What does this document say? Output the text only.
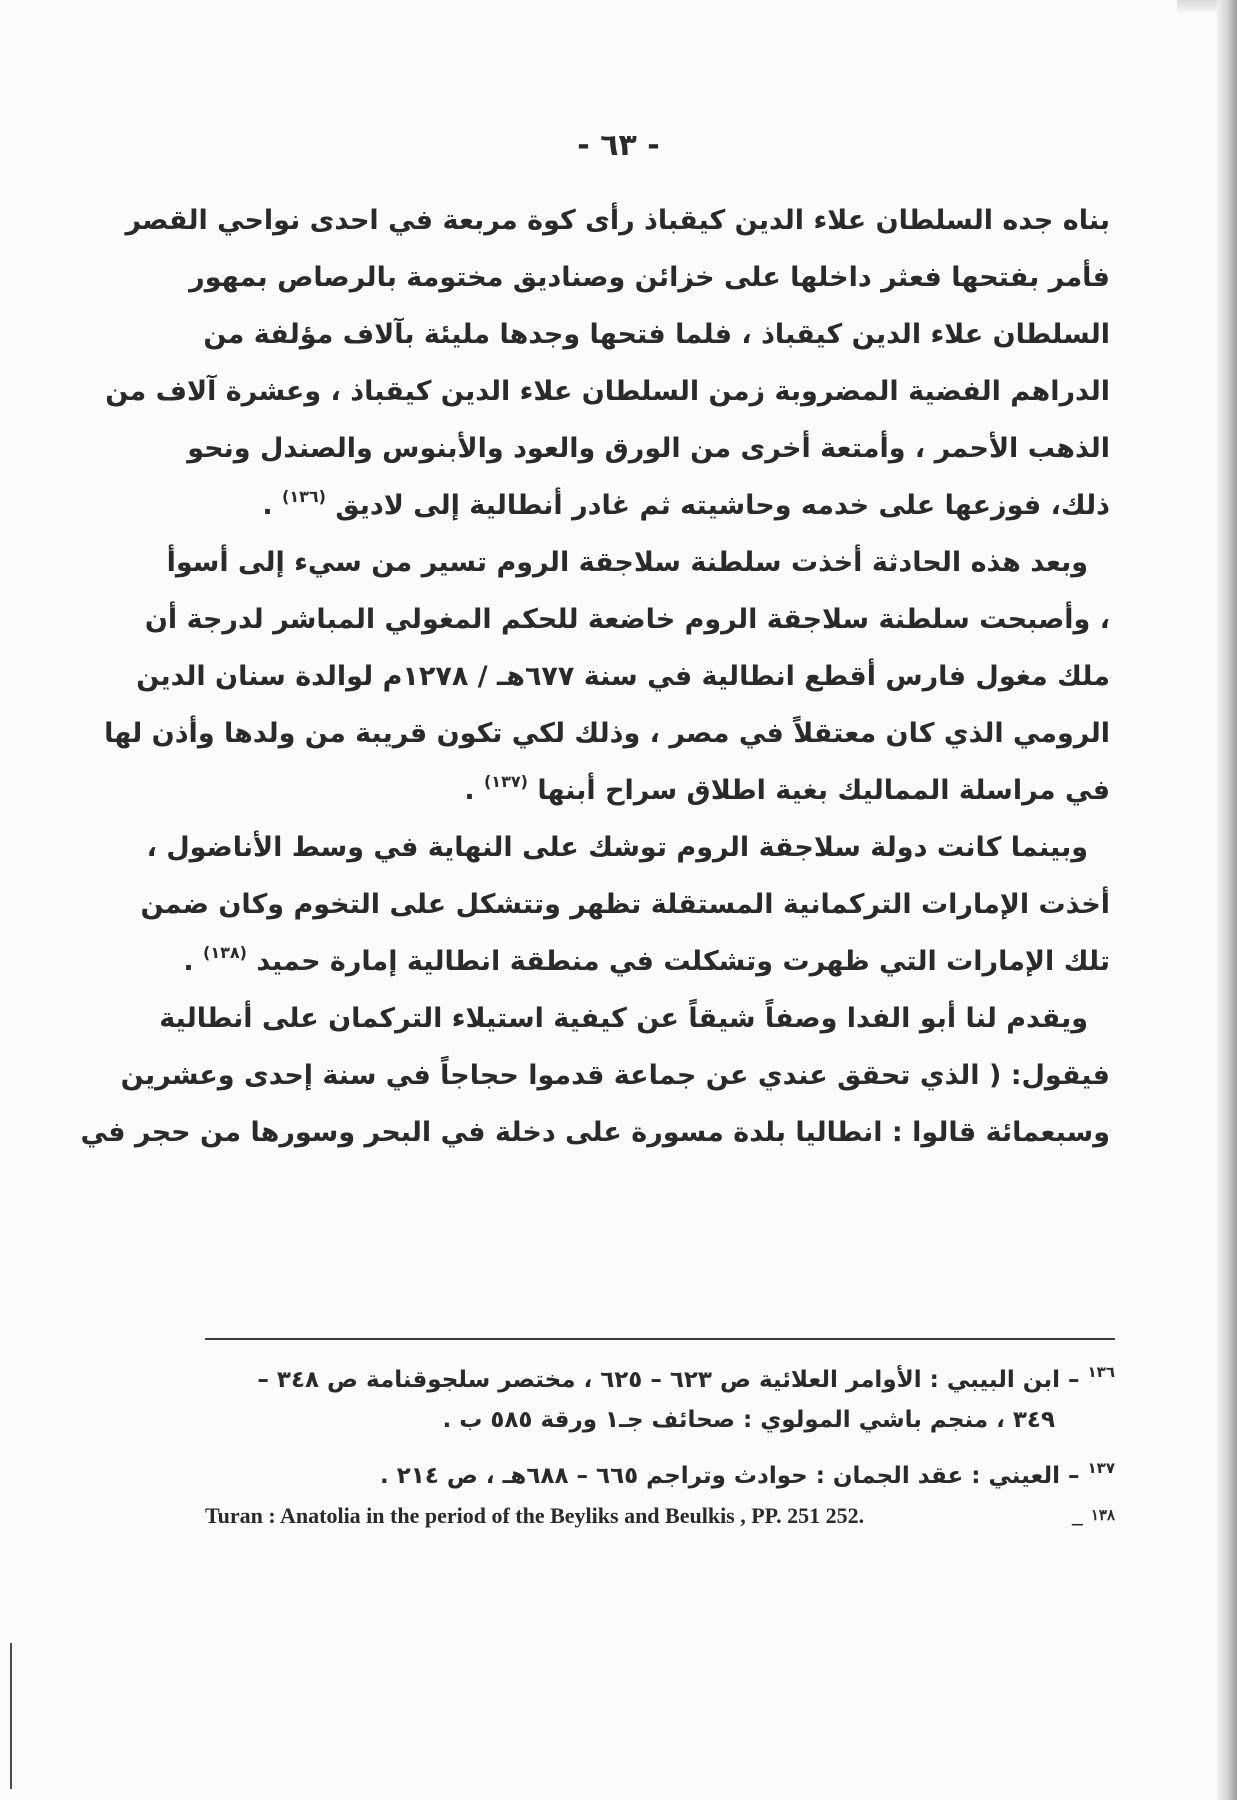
- ٦٣ -
بناه جده السلطان علاء الدين كيقباذ رأى كوة مربعة في احدى نواحي القصر
فأمر بفتحها فعثر داخلها على خزائن وصناديق مختومة بالرصاص بمهور
السلطان علاء الدين كيقباذ ، فلما فتحها وجدها مليئة بآلاف مؤلفة من
الدراهم الفضية المضروبة زمن السلطان علاء الدين كيقباذ ، وعشرة آلاف من
الذهب الأحمر ، وأمتعة أخرى من الورق والعود والأبنوس والصندل ونحو
ذلك، فوزعها على خدمه وحاشيته ثم غادر أنطالية إلى لاديق $^{(١٣٦)}$ .
وبعد هذه الحادثة أخذت سلطنة سلاجقة الروم تسير من سيء إلى أسوأ
، وأصبحت سلطنة سلاجقة الروم خاضعة للحكم المغولي المباشر لدرجة أن
ملك مغول فارس أقطع انطالية في سنة ٦٧٧هـ / ١٢٧٨م لوالدة سنان الدين
الرومي الذي كان معتقلاً في مصر ، وذلك لكي تكون قريبة من ولدها وأذن لها
في مراسلة المماليك بغية اطلاق سراح أبنها $^{(١٣٧)}$ .
وبينما كانت دولة سلاجقة الروم توشك على النهاية في وسط الأناضول ،
أخذت الإمارات التركمانية المستقلة تظهر وتتشكل على التخوم وكان ضمن
تلك الإمارات التي ظهرت وتشكلت في منطقة انطالية إمارة حميد $^{(١٣٨)}$ .
ويقدم لنا أبو الفدا وصفاً شيقاً عن كيفية استيلاء التركمان على أنطالية
فيقول: ( الذي تحقق عندي عن جماعة قدموا حجاجاً في سنة إحدى وعشرين
وسبعمائة قالوا : انطاليا بلدة مسورة على دخلة في البحر وسورها من حجر في
$^{١٣٦}$– ابن البيبي : الأوامر العلائية ص ٦٢٣ – ٦٢٥ ، مختصر سلجوقنامة ص ٣٤٨ –
٣٤٩ ، منجم باشي المولوي : صحائف جـ١ ورقة ٥٨٥ ب .
$^{١٣٧}$– العيني : عقد الجمان : حوادث وتراجم ٦٦٥ – ٦٨٨هـ ، ص ٢١٤ .
$^{١٣٨}$–
Turan : Anatolia in the period of the Beyliks and Beulkis , PP. 251 252.
